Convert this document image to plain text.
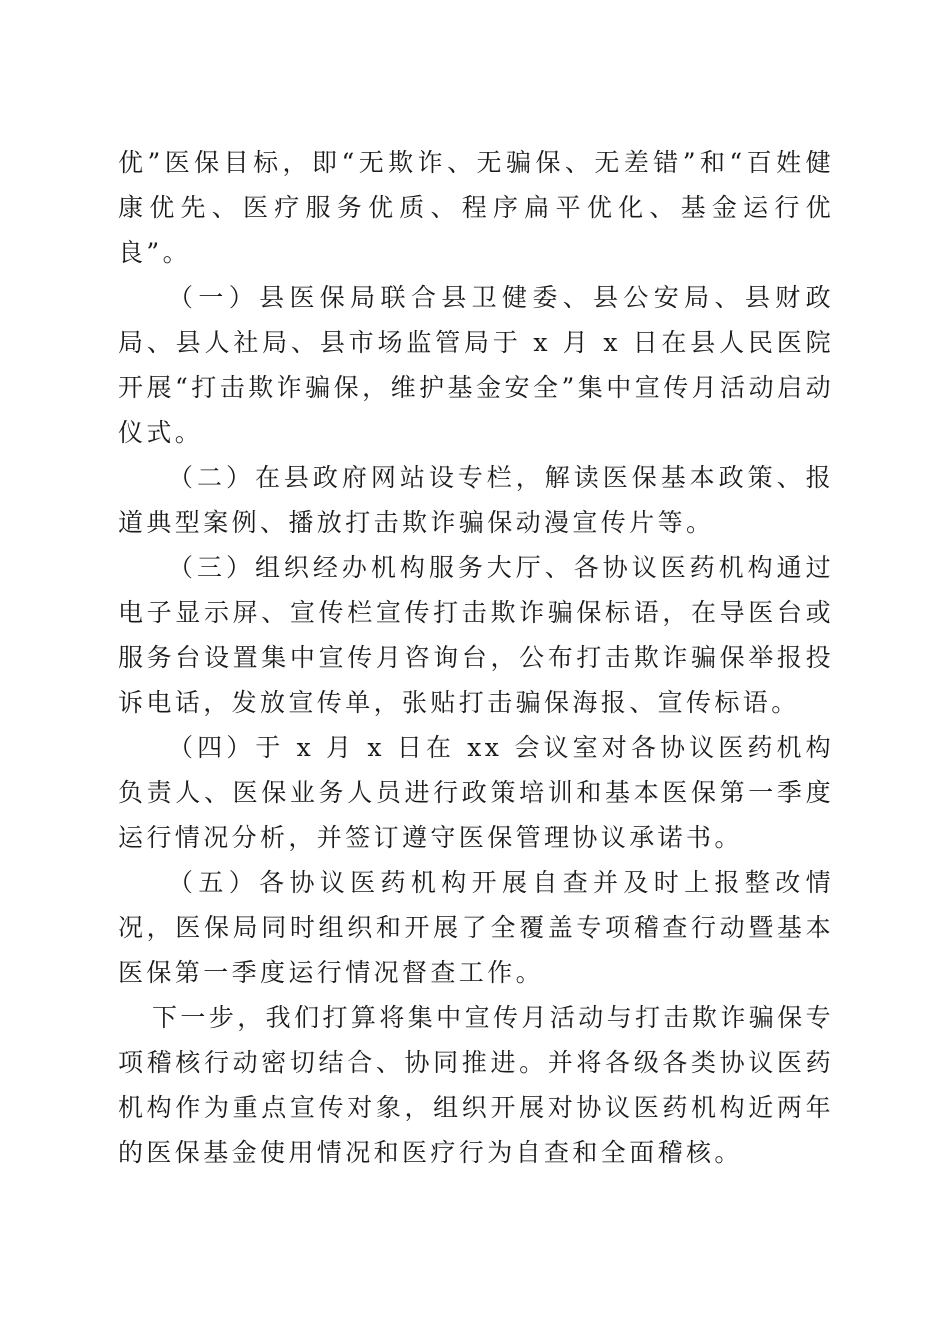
优”医保目标，即“无欺诈、无骗保、无差错”和“百姓健康优先、医疗服务优质、程序扁平优化、基金运行优良”。

（一）县医保局联合县卫健委、县公安局、县财政局、县人社局、县市场监管局于 x 月 x 日在县人民医院开展“打击欺诈骗保，维护基金安全”集中宣传月活动启动仪式。

（二）在县政府网站设专栏，解读医保基本政策、报道典型案例、播放打击欺诈骗保动漫宣传片等。

（三）组织经办机构服务大厅、各协议医药机构通过电子显示屏、宣传栏宣传打击欺诈骗保标语，在导医台或服务台设置集中宣传月咨询台，公布打击欺诈骗保举报投诉电话，发放宣传单，张贴打击骗保海报、宣传标语。

（四）于 x 月 x 日在 xx 会议室对各协议医药机构负责人、医保业务人员进行政策培训和基本医保第一季度运行情况分析，并签订遵守医保管理协议承诺书。

（五）各协议医药机构开展自查并及时上报整改情况，医保局同时组织和开展了全覆盖专项稽查行动暨基本医保第一季度运行情况督查工作。

下一步，我们打算将集中宣传月活动与打击欺诈骗保专项稽核行动密切结合、协同推进。并将各级各类协议医药机构作为重点宣传对象，组织开展对协议医药机构近两年的医保基金使用情况和医疗行为自查和全面稽核。
